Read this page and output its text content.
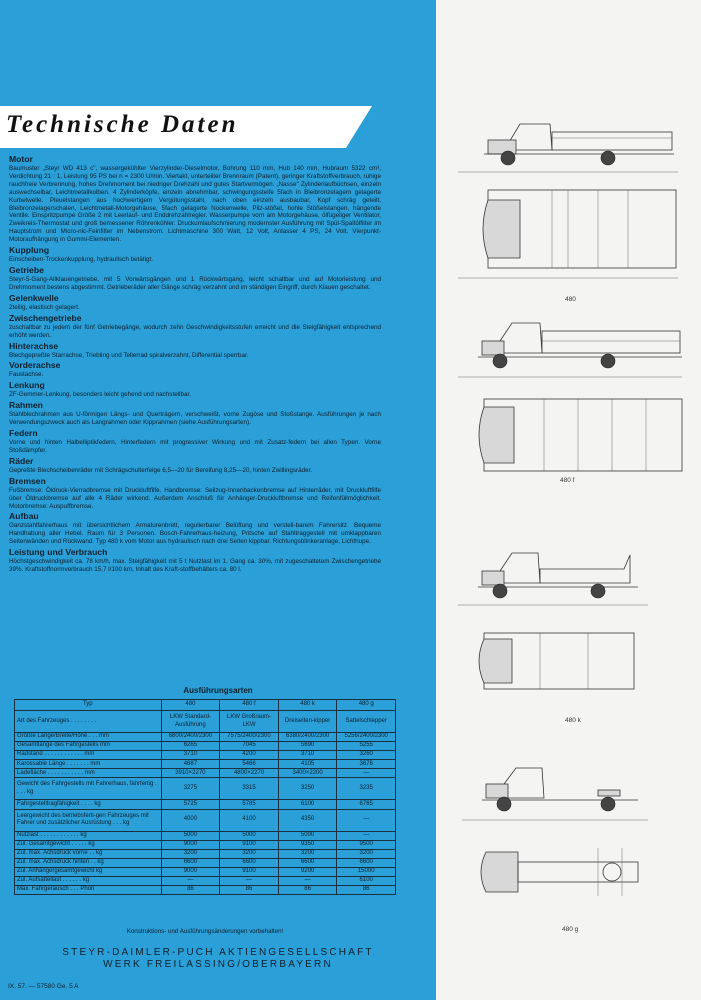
Technische Daten
Motor

Baumuster „Steyr WD 413 c", wassergekühlter Vierzylinder-Dieselmotor, Bohrung 110 mm, Hub 140 mm, Hubraum 5322 cm³, Verdichtung 21 : 1, Leistung 95 PS bei n = 2300 U/min. Viertakt, unterteilter Brennraum (Patent), geringer Kraftstoffverbrauch, ruhige rauchfreie Verbrennung, hohes Drehmoment bei niedriger Drehzahl und gutes Startvermögen. „Nasse" Zylinderlaufbüchsen, einzeln auswechselbar, Leichtmetallkolben. 4 Zylinderköpfe, einzeln abnehmbar, schwingungssteife 5fach in Bleibronzelagern gelagerte Kurbelwelle. Pleuelstangen aus hochwertigem Vergütungsstahl, nach oben einzeln ausbaubar, Kopf schräg geteilt, Bleibronzelagerschalen, Leichtmetall-Motorgehäuse, 5fach gelagerte Nockenwelle, Pilz-stößel, hohle Stößelstangen, hängende Ventile. Einspritzpumpe Größe 2 mit Leerlauf- und Enddrehzahlregler. Wasserpumpe vorn am Motorgehäuse, ölfügeliger Ventilator, Zweikreis-Thermostat und groß bemessener Röhrenkühler. Druckumlaufschmierung modernster Ausführung mit Spül-Spaltölfilter im Hauptstrom und Micro-nic-Feinfilter im Nebenstrom. Lichtmaschine 300 Watt, 12 Volt, Anlasser 4 PS, 24 Volt. Vierpunkt-Motoraufhängung in Gummi-Elementen.

Kupplung

Einscheiben-Trockenkupplung, hydraulisch betätigt.

Getriebe

Steyr-5-Gang-Allklauengetriebe, mit 5 Vorwärtsgängen und 1 Rückwärtsgang, leicht schaltbar und auf Motorleistung und Drehmoment bestens abgestimmt. Getrieberäder aller Gänge schräg verzahnt und im ständigen Eingriff, durch Klauen geschaltet.

Gelenkwelle

2teilig, elastisch gelagert.

Zwischengetriebe

zuschaltbar zu jedem der fünf Getriebegänge, wodurch zehn Geschwindigkeitsstufen erreicht und die Steigfähigkeit entsprechend erhöht werden.

Hinterachse

Blechgepreßte Starrachse, Triebling und Tellerrad spiralverzahnt, Differential sperrbar.

Vorderachse

Faustachse.

Lenkung

ZF-Gemmer-Lenkung, besonders leicht gehend und nachstellbar.

Rahmen

Stahlblechrahmen aus U-förmigen Längs- und Querträgern, verschweißt, vorne Zugöse und Stoßstange. Ausführungen je nach Verwendungszweck auch als Langrahmen oder Kipprahmen (siehe Ausführungsarten).

Federn

Vorne und hinten Halbelliptikfedern, Hinterfedern mit progressiver Wirkung und mit Zusatz-federn bei allen Typen. Vorne Stoßdämpfer.

Räder

Gepreßte Blechscheibenräder mit Schrägschulterfelge 6,5—20 für Bereifung 8,25—20, hinten Zwillingsräder.

Bremsen

Fußbremse: Öldruck-Vierradbremse mit Druckluftfilfe. Handbremse: Seilzug-Innenbackenbremse auf Hinterräder, mit Druckluftfilfe über Öldruckbremse auf alle 4 Räder wirkend. Außerdem Anschluß für Anhänger-Druckluftbremse und Reifenfüllmöglichkeit. Motorbremse: Auspuffbremse.

Aufbau

Ganzstahlfahrerhaus mit übersichtlichem Armaturenbrett, regulierbarer Belüftung und verstell-barem Fahrersitz. Bequeme Handhabung aller Hebel. Raum für 3 Personen. Bosch-Fahrerhaus-heizung, Pritsche auf Stahltraggestell mit umklappbaren Seitenwänden und Rückwand. Typ 480 k vom Motor aus hydraulisch nach drei Seiten kippbar. Richtungsblinkeranlage, Lichthupe.

Leistung und Verbrauch

Höchstgeschwindigkeit ca. 78 km/h, max. Steigfähigkeit mit 5 t Nutzlast im 1. Gang ca. 30%, mit zugeschaltetem Zwischengetriebe 39%. Kraftstoffnormverbrauch 15,7 l/100 km, Inhalt des Kraft-stoffbehälters ca. 80 l.

Ausführungsarten
Typ	480	480 f	480 k	480 g
Art des Fahrzeuges . . . . . . . .	LKW Standard-Ausführung	LKW Großraum-LKW	Dreiseiten-kipper	Sattelschlepper
Größte Länge/Breite/Höhe . . . mm	6800/2400/2300	7575/2400/2300	6380/2400/2300	5256/2400/2300
Gesamtlänge des Fahrgestells mm	6265	7045	5690	5255
Radstand . . . . . . . . . . . . mm	3710	4200	3710	3260
Karossable Länge . . . . . . . mm	4687	5466	4105	3678
Ladefläche . . . . . . . . . . . mm	3910×2270	4800×2270	3400×2200	—
Gewicht des Fahrgestells mit Fahrerhaus, fahrfertig . . . . kg	3275	3315	3250	3235
Fahrgestelltragfähigkeit . . . . kg	5725	5785	6100	6765
Leergewicht des betriebsferti-gen Fahrzeuges mit Fahrer und zusätzlicher Ausrüstung . . . kg	4000	4100	4350	—
Nutzlast . . . . . . . . . . . . kg	5000	5000	5000	—
Zul. Gesamtgewicht . . . . . kg	9000	9100	9350	9500
Zul. max. Achsdruck vorne . . kg	3200	3200	3200	3200
Zul. max. Achsdruck hinten . . kg	6600	6600	6600	6600
Zul. Anhängergesamtgewicht kg	9000	9100	9200	15000
Zul. Aufsattellast . . . . . . kg	—	—	—	6100
Max. Fahrgeräusch . . . Phon	86	86	86	86
Konstruktions- und Ausführungsänderungen vorbehalten!
STEYR-DAIMLER-PUCH AKTIENGESELLSCHAFT
WERK FREILASSING/OBERBAYERN
IX. 57. — 57580 Ge. 5 A
480
480 f
480 k
480 g
